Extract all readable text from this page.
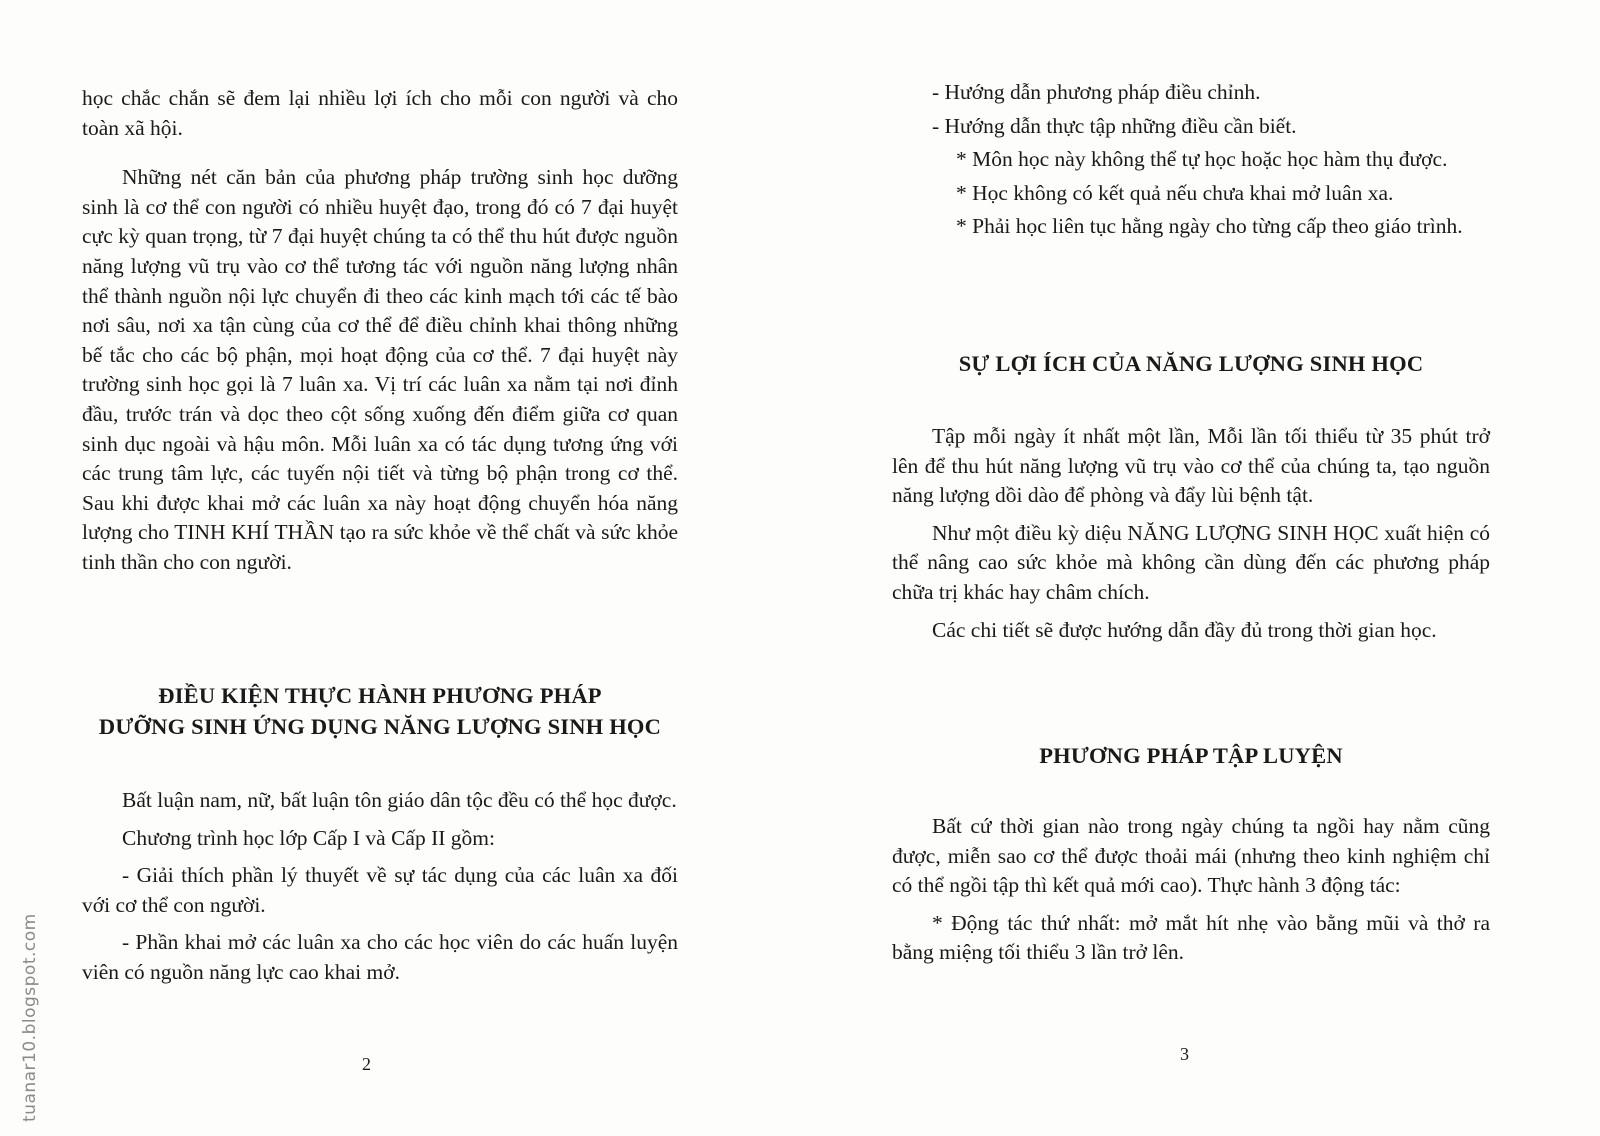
học chắc chắn sẽ đem lại nhiều lợi ích cho mỗi con người và cho toàn xã hội.

Những nét căn bản của phương pháp trường sinh học dưỡng sinh là cơ thể con người có nhiều huyệt đạo, trong đó có 7 đại huyệt cực kỳ quan trọng, từ 7 đại huyệt chúng ta có thể thu hút được nguồn năng lượng vũ trụ vào cơ thể tương tác với nguồn năng lượng nhân thể thành nguồn nội lực chuyển đi theo các kinh mạch tới các tế bào nơi sâu, nơi xa tận cùng của cơ thể để điều chỉnh khai thông những bế tắc cho các bộ phận, mọi hoạt động của cơ thể. 7 đại huyệt này trường sinh học gọi là 7 luân xa. Vị trí các luân xa nằm tại nơi đỉnh đầu, trước trán và dọc theo cột sống xuống đến điểm giữa cơ quan sinh dục ngoài và hậu môn. Mỗi luân xa có tác dụng tương ứng với các trung tâm lực, các tuyến nội tiết và từng bộ phận trong cơ thể. Sau khi được khai mở các luân xa này hoạt động chuyển hóa năng lượng cho TINH KHÍ THẦN tạo ra sức khỏe về thể chất và sức khỏe tinh thần cho con người.

ĐIỀU KIỆN THỰC HÀNH PHƯƠNG PHÁP

DƯỠNG SINH ỨNG DỤNG NĂNG LƯỢNG SINH HỌC

Bất luận nam, nữ, bất luận tôn giáo dân tộc đều có thể học được.

Chương trình học lớp Cấp I và Cấp II gồm:

- Giải thích phần lý thuyết về sự tác dụng của các luân xa đối với cơ thể con người.

- Phần khai mở các luân xa cho các học viên do các huấn luyện viên có nguồn năng lực cao khai mở.

2

- Hướng dẫn phương pháp điều chỉnh.

- Hướng dẫn thực tập những điều cần biết.

* Môn học này không thể tự học hoặc học hàm thụ được.

* Học không có kết quả nếu chưa khai mở luân xa.

* Phải học liên tục hằng ngày cho từng cấp theo giáo trình.

SỰ LỢI ÍCH CỦA NĂNG LƯỢNG SINH HỌC

Tập mỗi ngày ít nhất một lần, Mỗi lần tối thiểu từ 35 phút trở lên để thu hút năng lượng vũ trụ vào cơ thể của chúng ta, tạo nguồn năng lượng dồi dào để phòng và đẩy lùi bệnh tật.

Như một điều kỳ diệu NĂNG LƯỢNG SINH HỌC xuất hiện có thể nâng cao sức khỏe mà không cần dùng đến các phương pháp chữa trị khác hay châm chích.

Các chi tiết sẽ được hướng dẫn đầy đủ trong thời gian học.

PHƯƠNG PHÁP TẬP LUYỆN

Bất cứ thời gian nào trong ngày chúng ta ngồi hay nằm cũng được, miễn sao cơ thể được thoải mái (nhưng theo kinh nghiệm chỉ có thể ngồi tập thì kết quả mới cao). Thực hành 3 động tác:

* Động tác thứ nhất: mở mắt hít nhẹ vào bằng mũi và thở ra bằng miệng tối thiểu 3 lần trở lên.

3
tuanar10.blogspot.com
